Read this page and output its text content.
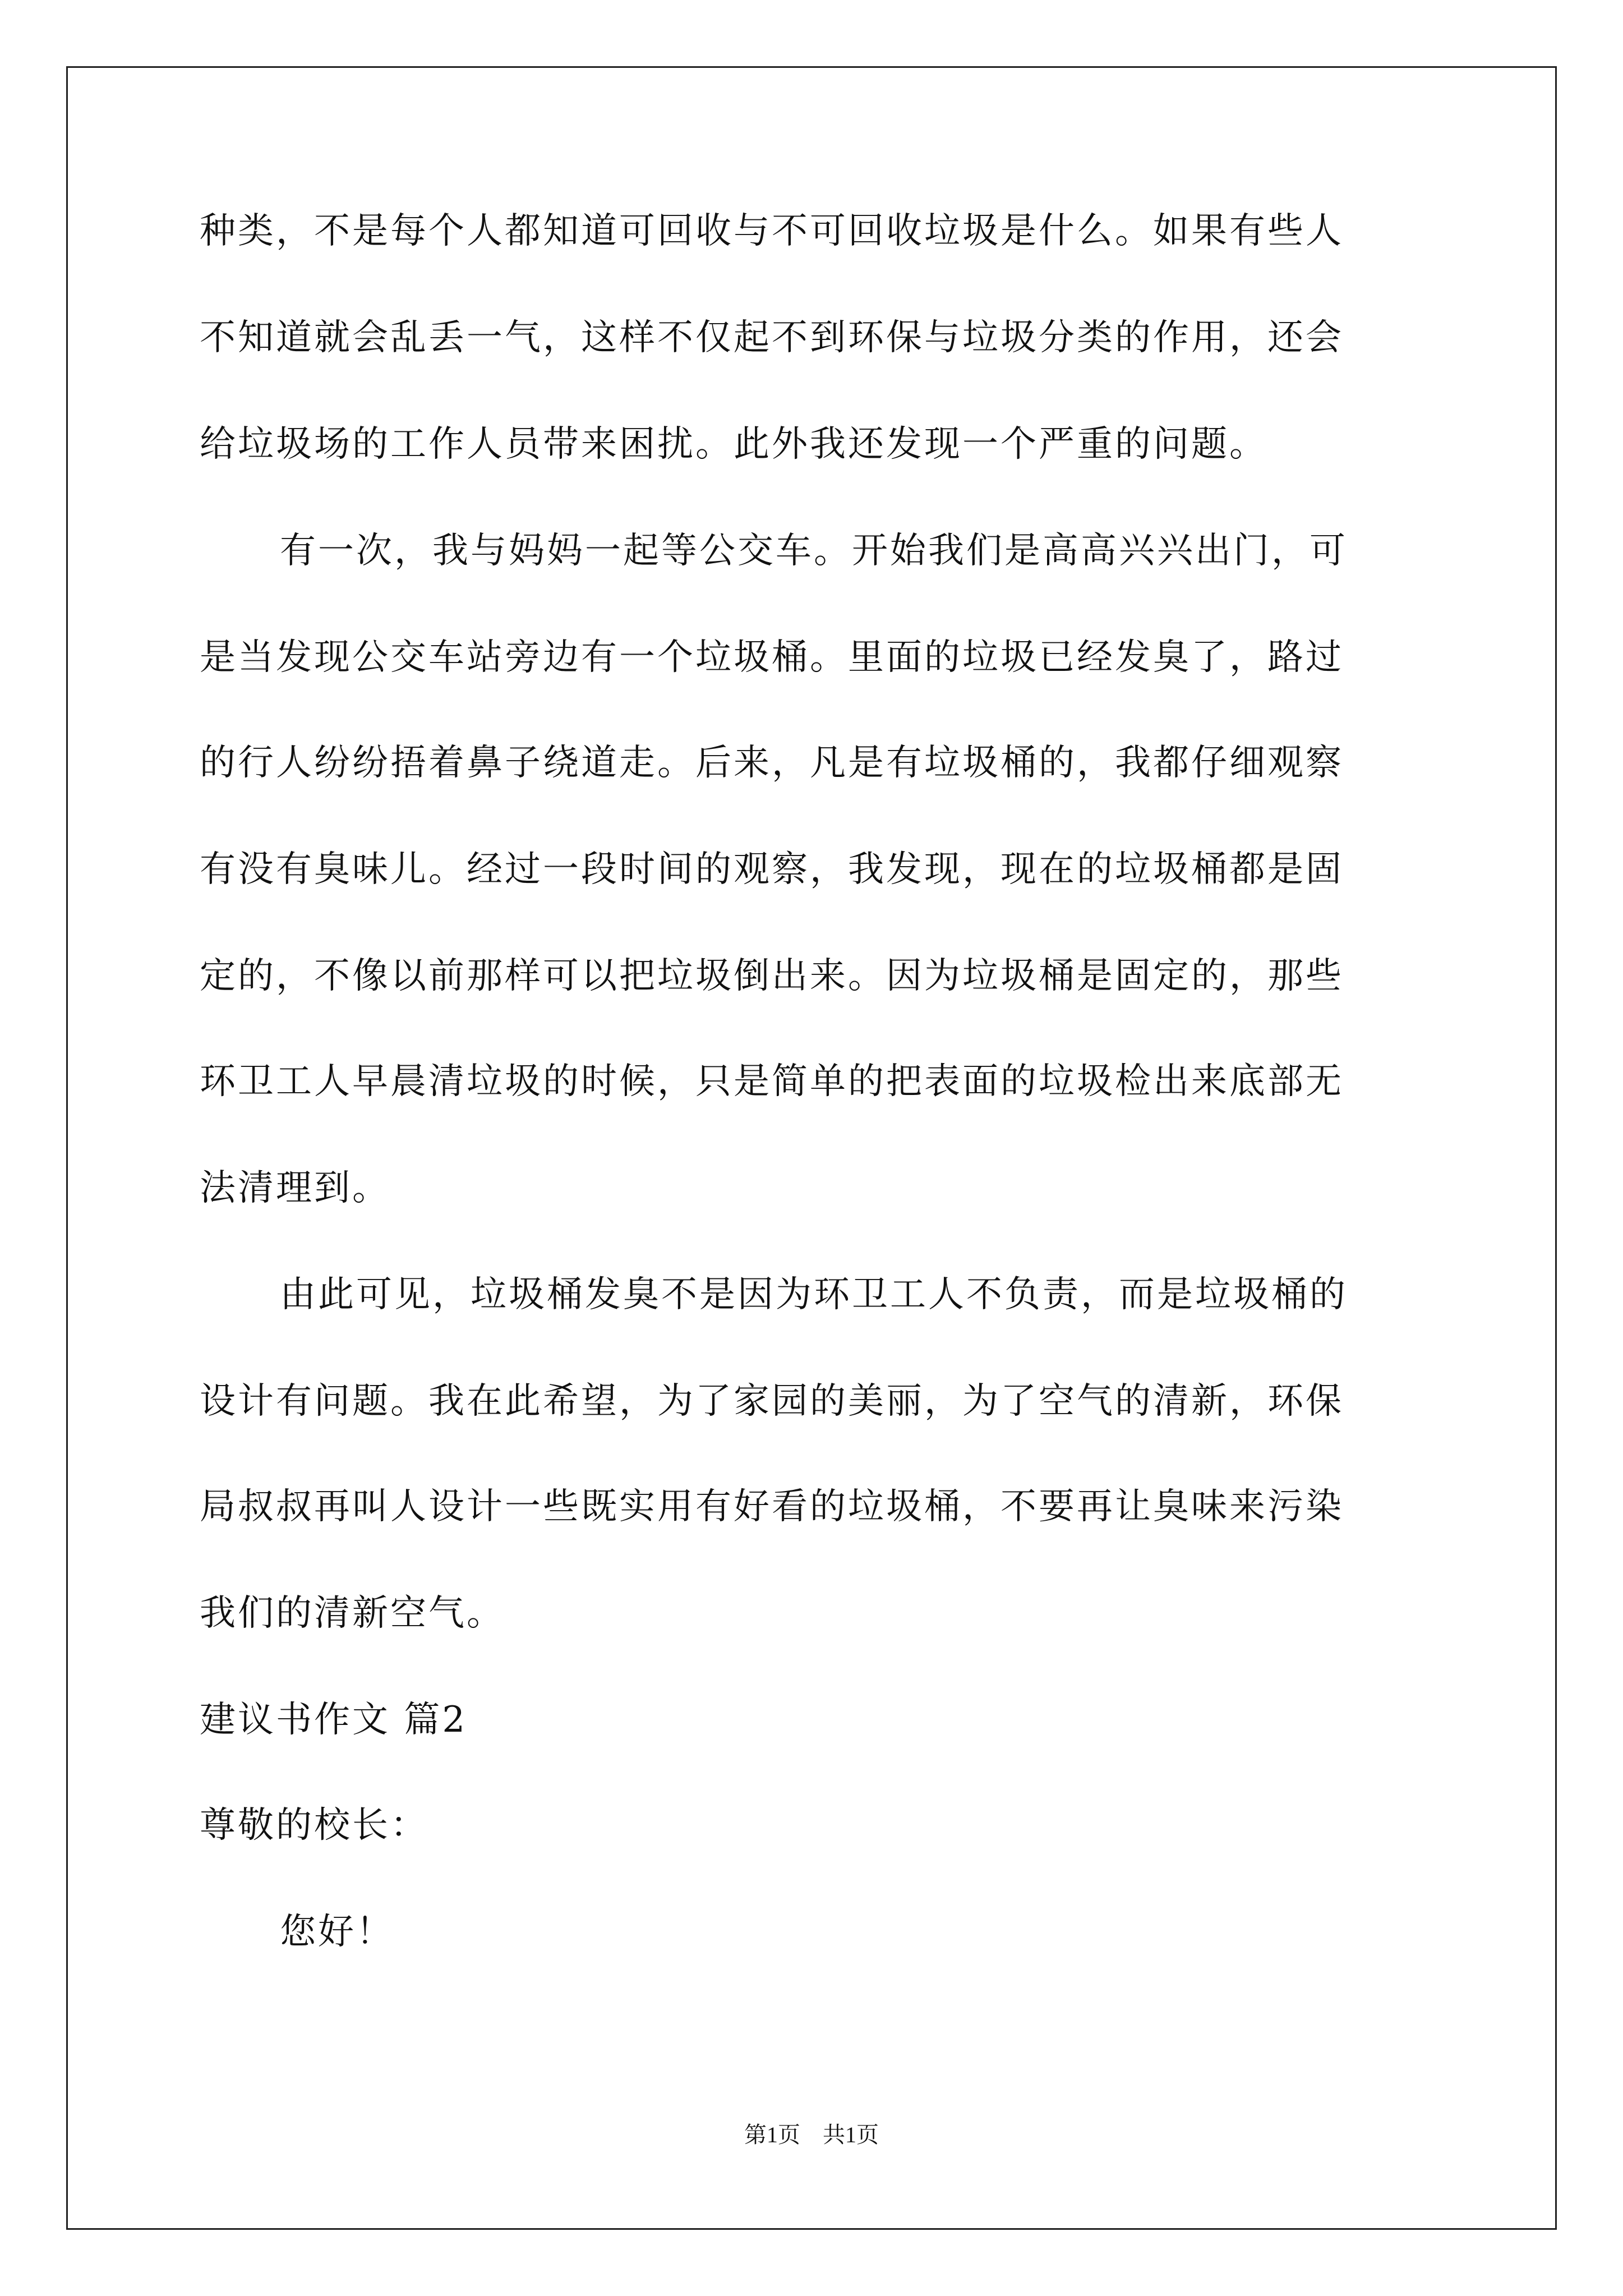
种类，不是每个人都知道可回收与不可回收垃圾是什么。如果有些人
不知道就会乱丢一气，这样不仅起不到环保与垃圾分类的作用，还会
给垃圾场的工作人员带来困扰。此外我还发现一个严重的问题。
有一次，我与妈妈一起等公交车。开始我们是高高兴兴出门，可
是当发现公交车站旁边有一个垃圾桶。里面的垃圾已经发臭了，路过
的行人纷纷捂着鼻子绕道走。后来，凡是有垃圾桶的，我都仔细观察
有没有臭味儿。经过一段时间的观察，我发现，现在的垃圾桶都是固
定的，不像以前那样可以把垃圾倒出来。因为垃圾桶是固定的，那些
环卫工人早晨清垃圾的时候，只是简单的把表面的垃圾检出来底部无
法清理到。
由此可见，垃圾桶发臭不是因为环卫工人不负责，而是垃圾桶的
设计有问题。我在此希望，为了家园的美丽，为了空气的清新，环保
局叔叔再叫人设计一些既实用有好看的垃圾桶，不要再让臭味来污染
我们的清新空气。
建议书作文 篇2
尊敬的校长：
您好！
第1页　共1页
